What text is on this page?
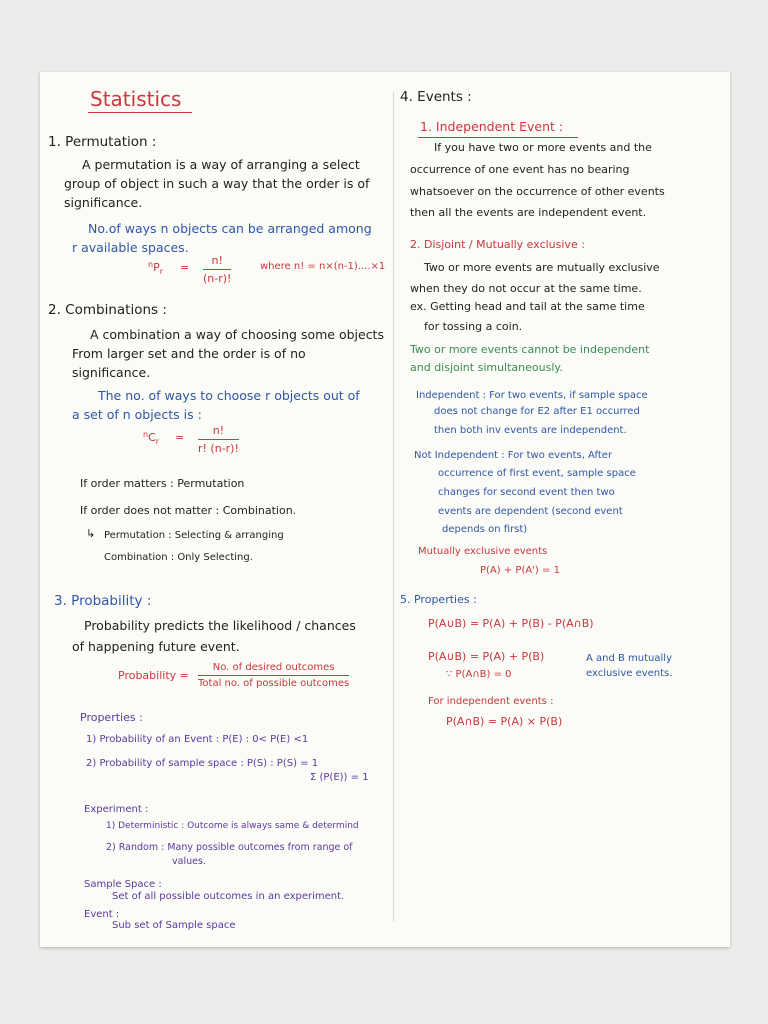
Statistics
1. Permutation :
A permutation is a way of arranging a select
group of object in such a way that the order is of
significance.
No.of ways n objects can be arranged among
r available spaces.
$^nP_r$ =
n!
(n-r)!
where n! = n×(n-1)....×1
2. Combinations :
A combination a way of choosing some objects
From larger set and the order is of no
significance.
The no. of ways to choose r objects out of
a set of n objects is :
$^nC_r$ =
n!
r! (n-r)!
If order matters : Permutation
If order does not matter : Combination.
↳ Permutation : Selecting & arranging
Combination : Only Selecting.
3. Probability :
Probability predicts the likelihood / chances
of happening future event.
Probability =
No. of desired outcomes
Total no. of possible outcomes
Properties :
1) Probability of an Event : P(E) : 0< P(E) <1
2) Probability of sample space : P(S) : P(S) = 1
Σ (P(E)) = 1
Experiment :
1) Deterministic : Outcome is always same & determind
2) Random : Many possible outcomes from range of
values.
Sample Space :
Set of all possible outcomes in an experiment.
Event :
Sub set of Sample space
4. Events :
1. Independent Event :
If you have two or more events and the
occurrence of one event has no bearing
whatsoever on the occurrence of other events
then all the events are independent event.
2. Disjoint / Mutually exclusive :
Two or more events are mutually exclusive
when they do not occur at the same time.
ex. Getting head and tail at the same time
for tossing a coin.
Two or more events cannot be independent
and disjoint simultaneously.
Independent : For two events, if sample space
does not change for E2 after E1 occurred
then both inv events are independent.
Not Independent : For two events, After
occurrence of first event, sample space
changes for second event then two
events are dependent (second event
depends on first)
Mutually exclusive events
P(A) + P(A') = 1
5. Properties :
P(A∪B) = P(A) + P(B) - P(A∩B)
P(A∪B) = P(A) + P(B)
∵ P(A∩B) = 0
A and B mutually
exclusive events.
For independent events :
P(A∩B) = P(A) × P(B)
